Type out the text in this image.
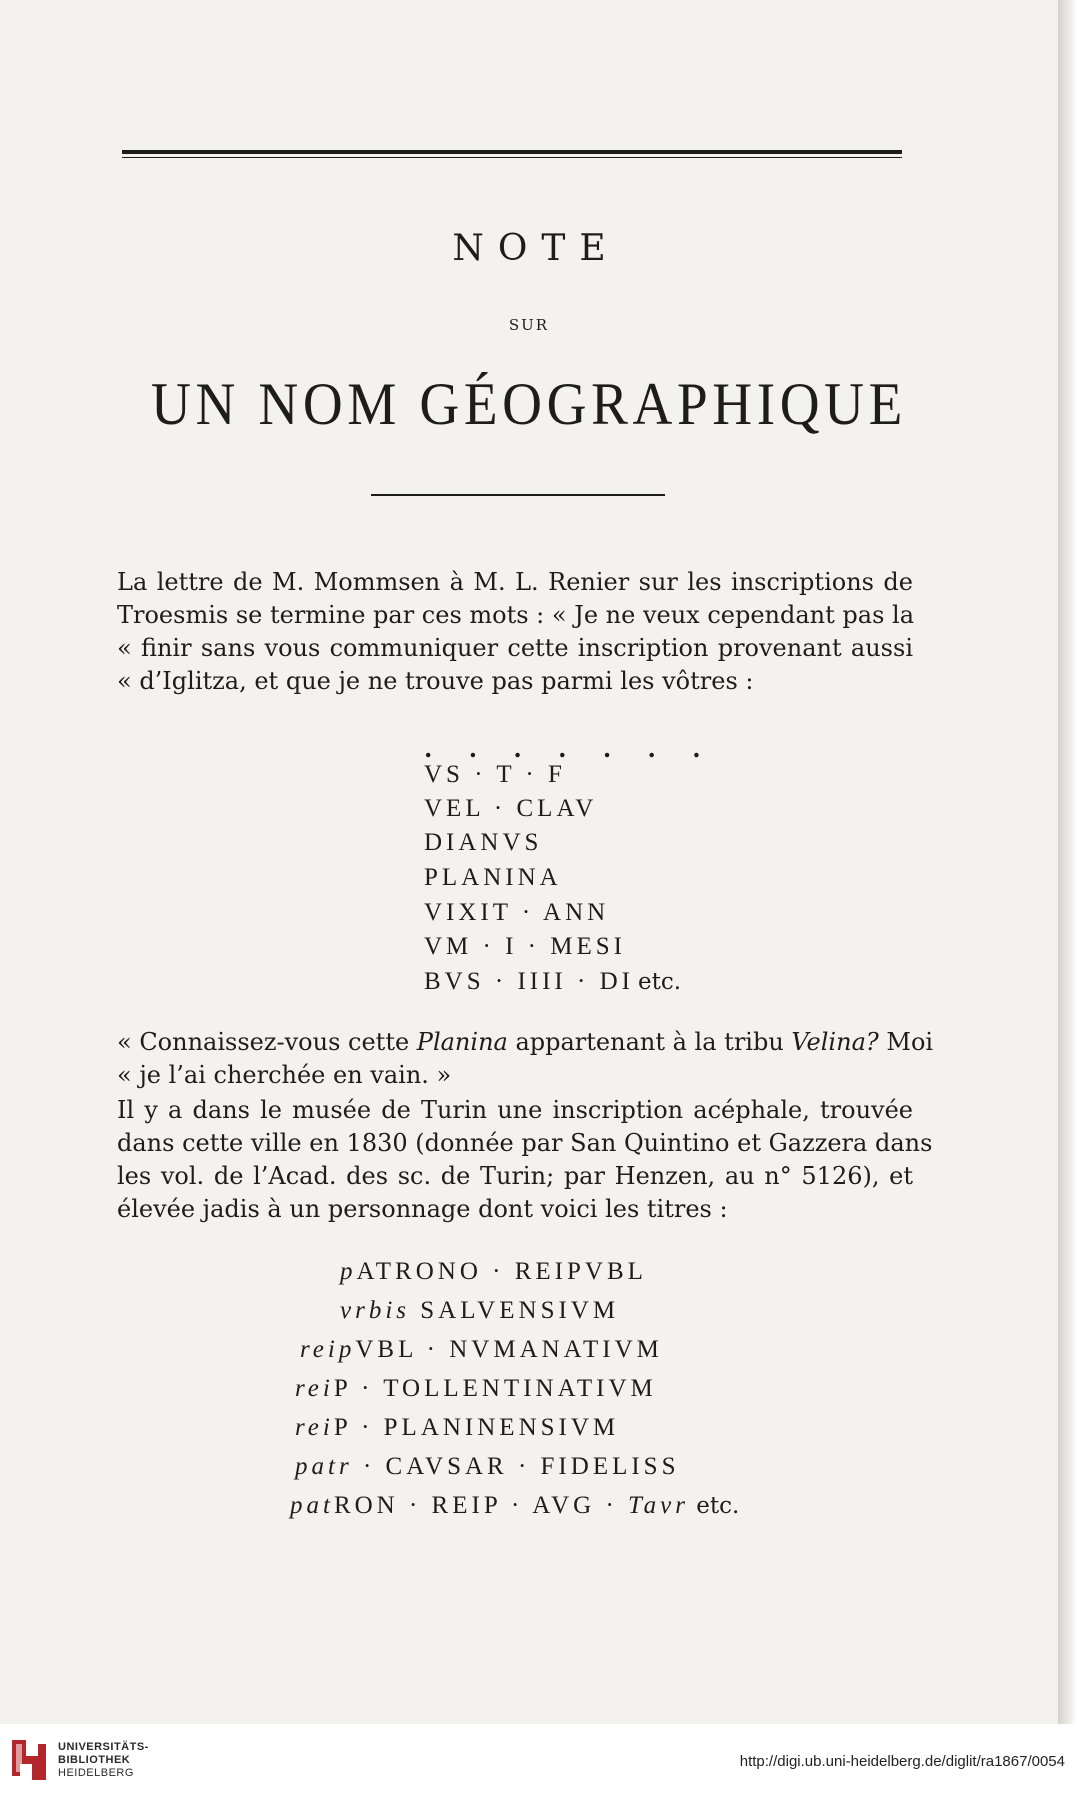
NOTE
SUR
UN NOM GÉOGRAPHIQUE
La lettre de M. Mommsen à M. L. Renier sur les inscriptions de
Troesmis se termine par ces mots : « Je ne veux cependant pas la
« finir sans vous communiquer cette inscription provenant aussi
« d’Iglitza, et que je ne trouve pas parmi les vôtres :
. . . . . . .
VS · T · F
VEL · CLAV
DIANVS
PLANINA
VIXIT · ANN
VM · I · MESI
BVS · IIII · DI etc.
« Connaissez-vous cette Planina appartenant à la tribu Velina? Moi
« je l’ai cherchée en vain. »
Il y a dans le musée de Turin une inscription acéphale, trouvée
dans cette ville en 1830 (donnée par San Quintino et Gazzera dans
les vol. de l’Acad. des sc. de Turin; par Henzen, au n° 5126), et
élevée jadis à un personnage dont voici les titres :
pATRONO · REIPVBL
vrbis SALVENSIVM
reipVBL · NVMANATIVM
reiP · TOLLENTINATIVM
reiP · PLANINENSIVM
patr · CAVSAR · FIDELISS
patRON · REIP · AVG · Tavr etc.
UNIVERSITÄTS-
BIBLIOTHEK
HEIDELBERG
http://digi.ub.uni-heidelberg.de/diglit/ra1867/0054
